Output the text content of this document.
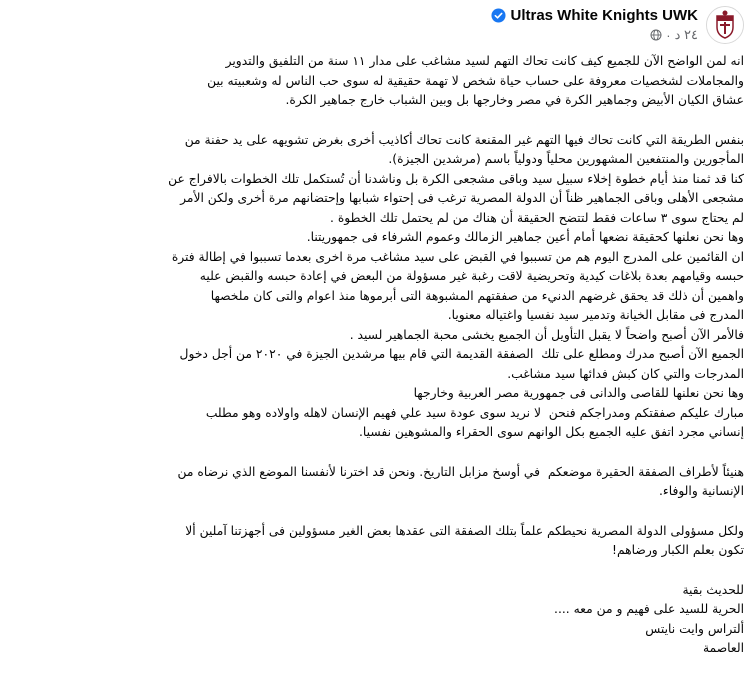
Ultras White Knights UWK
٢٤ د
·

انه لمن الواضح الآن للجميع كيف كانت تحاك التهم لسيد مشاغب على مدار ١١ سنة من التلفيق والتدوير
والمجاملات لشخصيات معروفة على حساب حياة شخص لا تهمة حقيقية له سوى حب الناس له وشعبيته بين
عشاق الكيان الأبيض وجماهير الكرة في مصر وخارجها بل وبين الشباب خارج جماهير الكرة.

بنفس الطريقة التي كانت تحاك فيها التهم غير المقنعة كانت تحاك أكاذيب أخرى بغرض تشويهه على يد حفنة من
المأجورين والمنتفعين المشهورين محلياً ودولياً باسم (مرشدين الجيزة).
كنا قد ثمنا منذ أيام خطوة إخلاء سبيل سيد وباقى مشجعى الكرة بل وناشدنا أن تُستكمل تلك الخطوات بالافراج عن
مشجعى الأهلى وباقى الجماهير ظناً أن الدولة المصرية ترغب فى إحتواء شبابها وإحتضانهم مرة أخرى ولكن الأمر
لم يحتاج سوى ٣ ساعات فقط لتتضح الحقيقة أن هناك من لم يحتمل تلك الخطوة .
وها نحن نعلنها كحقيقة نضعها أمام أعين جماهير الزمالك وعموم الشرفاء فى جمهوريتنا.
ان القائمين على المدرج اليوم هم من تسببوا في القبض على سيد مشاغب مرة اخرى بعدما تسببوا في إطالة فترة
حبسه وقيامهم بعدة بلاغات كيدية وتحريضية لاقت رغبة غير مسؤولة من البعض في إعادة حبسه والقبض عليه
واهمين أن ذلك قد يحقق غرضهم الدنيء من صفقتهم المشبوهة التى أبرموها منذ اعوام والتى كان ملخصها
المدرج فى مقابل الخيانة وتدمير سيد نفسيا واغتياله معنويا.
فالأمر الآن أصبح واضحاً لا يقبل التأويل أن الجميع يخشى محبة الجماهير لسيد .
الجميع الآن أصبح مدرك ومطلع على تلك  الصفقة القديمة التي قام بيها مرشدين الجيزة في ٢٠٢٠ من أجل دخول
المدرجات والتي كان كبش فدائها سيد مشاغب.
وها نحن نعلنها للقاصى والدانى فى جمهورية مصر العربية وخارجها
مبارك عليكم صفقتكم ومدراجكم فنحن  لا نريد سوى عودة سيد علي فهيم الإنسان لاهله واولاده وهو مطلب
إنساني مجرد اتفق عليه الجميع بكل الوانهم سوى الحقراء والمشوهين نفسيا.

هنيئاً لأطراف الصفقة الحقيرة موضعكم  في أوسخ مزابل التاريخ. ونحن قد اخترنا لأنفسنا الموضع الذي نرضاه من
الإنسانية والوفاء.

ولكل مسؤولى الدولة المصرية نحيطكم علماً بتلك الصفقة التى عقدها بعض الغير مسؤولين فى أجهزتنا آملين ألا
تكون بعلم الكبار ورضاهم!

للحديث بقية
الحرية للسيد على فهيم و من معه ....
ألتراس وايت نايتس
العاصمة
